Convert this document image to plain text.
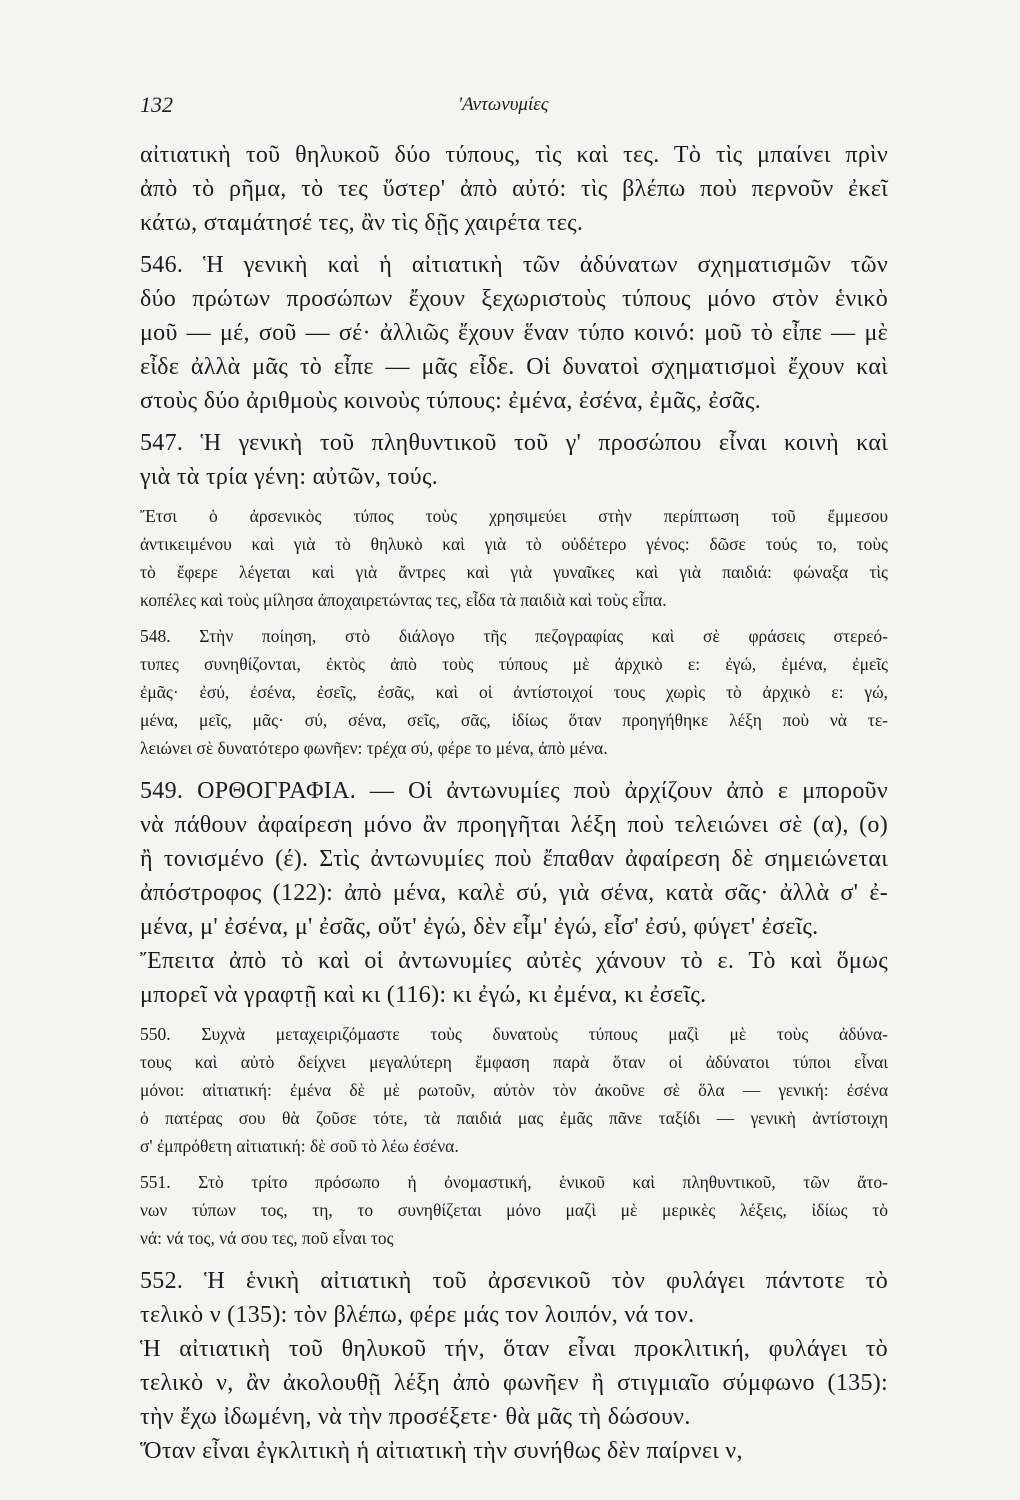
132	'Αντωνυμίες
αἰτιατικὴ τοῦ θηλυκοῦ δύο τύπους, τὶς καὶ τες. Τὸ τὶς μπαίνει πρὶν
ἀπὸ τὸ ρῆμα, τὸ τες ὕστερ' ἀπὸ αὐτό: τὶς βλέπω ποὺ περνοῦν ἐκεῖ
κάτω, σταμάτησέ τες, ἂν τὶς δῇς χαιρέτα τες.
546. Ἡ γενικὴ καὶ ἡ αἰτιατικὴ τῶν ἀδύνατων σχηματισμῶν τῶν
δύο πρώτων προσώπων ἔχουν ξεχωριστοὺς τύπους μόνο στὸν ἑνικὸ
μοῦ — μέ, σοῦ — σέ· ἀλλιῶς ἔχουν ἕναν τύπο κοινό: μοῦ τὸ εἶπε — μὲ
εἶδε ἀλλὰ μᾶς τὸ εἶπε — μᾶς εἶδε. Οἱ δυνατοὶ σχηματισμοὶ ἔχουν καὶ
στοὺς δύο ἀριθμοὺς κοινοὺς τύπους: ἐμένα, ἐσένα, ἐμᾶς, ἐσᾶς.
547. Ἡ γενικὴ τοῦ πληθυντικοῦ τοῦ γ' προσώπου εἶναι κοινὴ καὶ
γιὰ τὰ τρία γένη: αὐτῶν, τούς.
Ἔτσι ὁ ἀρσενικὸς τύπος τοὺς χρησιμεύει στὴν περίπτωση τοῦ ἔμμεσου
ἀντικειμένου καὶ γιὰ τὸ θηλυκὸ καὶ γιὰ τὸ οὐδέτερο γένος: δῶσε τούς το, τοὺς
τὸ ἔφερε λέγεται καὶ γιὰ ἄντρες καὶ γιὰ γυναῖκες καὶ γιὰ παιδιά: φώναξα τὶς
κοπέλες καὶ τοὺς μίλησα ἀποχαιρετώντας τες, εἶδα τὰ παιδιὰ καὶ τοὺς εἶπα.
548. Στὴν ποίηση, στὸ διάλογο τῆς πεζογραφίας καὶ σὲ φράσεις στερεό-
τυπες συνηθίζονται, ἐκτὸς ἀπὸ τοὺς τύπους μὲ ἀρχικὸ ε: ἐγώ, ἐμένα, ἐμεῖς
ἐμᾶς· ἐσύ, ἐσένα, ἐσεῖς, ἐσᾶς, καὶ οἱ ἀντίστοιχοί τους χωρὶς τὸ ἀρχικὸ ε: γώ,
μένα, μεῖς, μᾶς· σύ, σένα, σεῖς, σᾶς, ἰδίως ὅταν προηγήθηκε λέξη ποὺ νὰ τε-
λειώνει σὲ δυνατότερο φωνῆεν: τρέχα σύ, φέρε το μένα, ἀπὸ μένα.
549. ΟΡΘΟΓΡΑΦΙΑ. — Οἱ ἀντωνυμίες ποὺ ἀρχίζουν ἀπὸ ε μποροῦν
νὰ πάθουν ἀφαίρεση μόνο ἂν προηγῆται λέξη ποὺ τελειώνει σὲ (α), (ο)
ἢ τονισμένο (έ). Στὶς ἀντωνυμίες ποὺ ἔπαθαν ἀφαίρεση δὲ σημειώνεται
ἀπόστροφος (122): ἀπὸ μένα, καλὲ σύ, γιὰ σένα, κατὰ σᾶς· ἀλλὰ σ' ἐ-
μένα, μ' ἐσένα, μ' ἐσᾶς, οὔτ' ἐγώ, δὲν εἶμ' ἐγώ, εἶσ' ἐσύ, φύγετ' ἐσεῖς.
Ἔπειτα ἀπὸ τὸ καὶ οἱ ἀντωνυμίες αὐτὲς χάνουν τὸ ε. Τὸ καὶ ὅμως
μπορεῖ νὰ γραφτῇ καὶ κι (116): κι ἐγώ, κι ἐμένα, κι ἐσεῖς.
550. Συχνὰ μεταχειριζόμαστε τοὺς δυνατοὺς τύπους μαζὶ μὲ τοὺς ἀδύνα-
τους καὶ αὐτὸ δείχνει μεγαλύτερη ἔμφαση παρὰ ὅταν οἱ ἀδύνατοι τύποι εἶναι
μόνοι: αἰτιατική: ἐμένα δὲ μὲ ρωτοῦν, αὐτὸν τὸν ἀκοῦνε σὲ ὅλα — γενική: ἐσένα
ὁ πατέρας σου θὰ ζοῦσε τότε, τὰ παιδιά μας ἐμᾶς πᾶνε ταξίδι — γενικὴ ἀντίστοιχη
σ' ἐμπρόθετη αἰτιατική: δὲ σοῦ τὸ λέω ἐσένα.
551. Στὸ τρίτο πρόσωπο ἡ ὀνομαστική, ἑνικοῦ καὶ πληθυντικοῦ, τῶν ἄτο-
νων τύπων τος, τη, το συνηθίζεται μόνο μαζὶ μὲ μερικὲς λέξεις, ἰδίως τὸ
νά: νά τος, νά σου τες, ποῦ εἶναι τος
552. Ἡ ἑνικὴ αἰτιατικὴ τοῦ ἀρσενικοῦ τὸν φυλάγει πάντοτε τὸ
τελικὸ ν (135): τὸν βλέπω, φέρε μάς τον λοιπόν, νά τον.
Ἡ αἰτιατικὴ τοῦ θηλυκοῦ τήν, ὅταν εἶναι προκλιτική, φυλάγει τὸ
τελικὸ ν, ἂν ἀκολουθῇ λέξη ἀπὸ φωνῆεν ἢ στιγμιαῖο σύμφωνο (135):
τὴν ἔχω ἰδωμένη, νὰ τὴν προσέξετε· θὰ μᾶς τὴ δώσουν.
Ὅταν εἶναι ἐγκλιτικὴ ἡ αἰτιατικὴ τὴν συνήθως δὲν παίρνει ν,
